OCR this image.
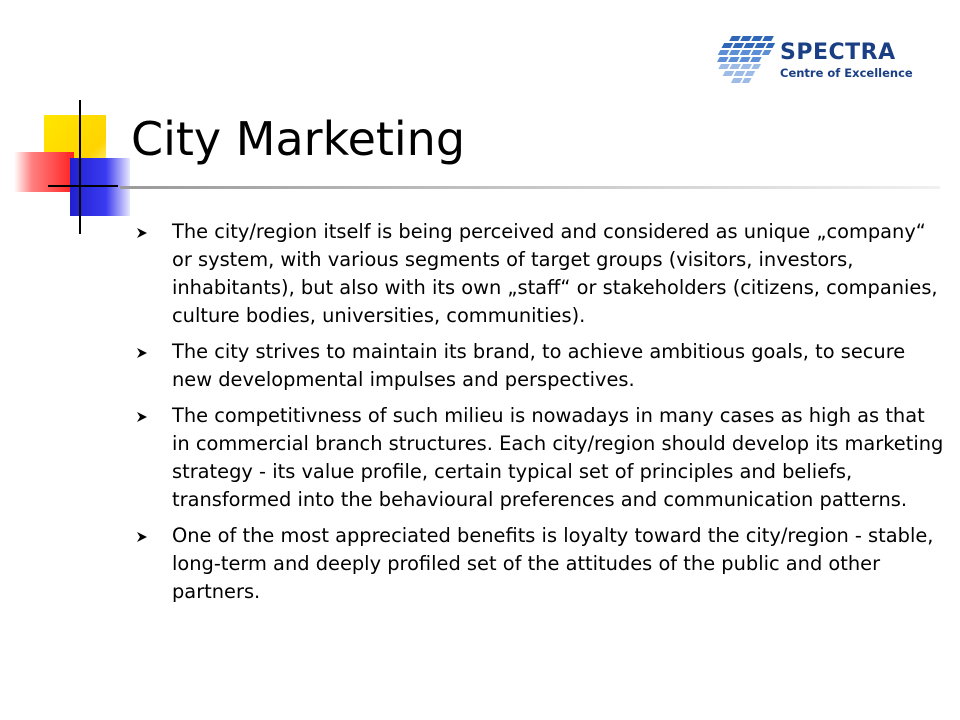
SPECTRA
Centre of Excellence
City Marketing
The city/region itself is being perceived and considered as unique „company“ or system, with various segments of target groups (visitors, investors, inhabitants), but also with its own „staff“ or stakeholders (citizens, companies, culture bodies, universities, communities).
The city strives to maintain its brand, to achieve ambitious goals, to secure new developmental impulses and perspectives.
The competitivness of such milieu is nowadays in many cases as high as that in commercial branch structures. Each city/region should develop its marketing strategy - its value profile, certain typical set of principles and beliefs, transformed into the behavioural preferences and communication patterns.
One of the most appreciated benefits is loyalty toward the city/region - stable, long-term and deeply profiled set of the attitudes of the public and other partners.
